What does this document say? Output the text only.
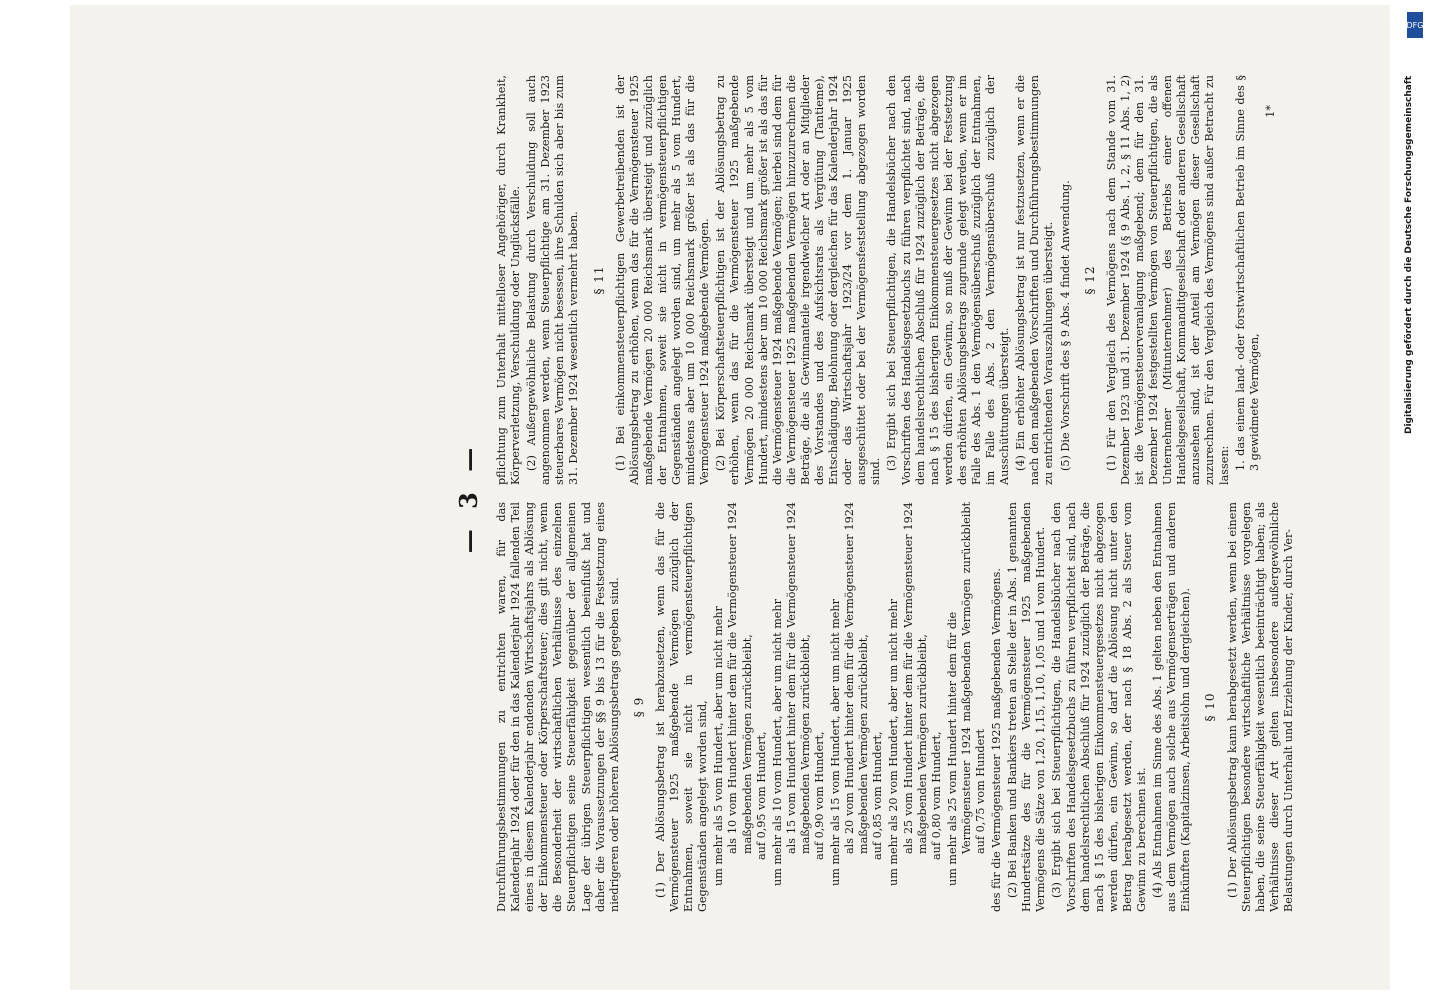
— 3 —

Durchführungsbestimmungen zu entrichten waren, für das Kalenderjahr 1924 oder für den in das Kalenderjahr 1924 fallenden Teil eines in diesem Kalenderjahr endenden Wirtschaftsjahrs als Ablösung der Einkommensteuer oder Körperschaftsteuer; dies gilt nicht, wenn die Besonderheit der wirtschaftlichen Verhältnisse des einzelnen Steuerpflichtigen seine Steuerfähigkeit gegenüber der allgemeinen Lage der übrigen Steuerpflichtigen wesentlich beeinflußt hat und daher die Voraussetzungen der §§ 9 bis 13 für die Festsetzung eines niedrigeren oder höheren Ablösungsbetrags gegeben sind. § 9 (1) Der Ablösungsbetrag ist herabzusetzen, wenn das für die Vermögensteuer 1925 maßgebende Vermögen zuzüglich der Entnahmen, soweit sie nicht in vermögensteuerpflichtigen Gegenständen angelegt worden sind, um mehr als 5 vom Hundert, aber um nicht mehr als 10 vom Hundert hinter dem für die Vermögensteuer 1924 maßgebenden Vermögen zurückbleibt, auf 0,95 vom Hundert, um mehr als 10 vom Hundert, aber um nicht mehr als 15 vom Hundert hinter dem für die Vermögensteuer 1924 maßgebenden Vermögen zurückbleibt, auf 0,90 vom Hundert, um mehr als 15 vom Hundert, aber um nicht mehr als 20 vom Hundert hinter dem für die Vermögensteuer 1924 maßgebenden Vermögen zurückbleibt, auf 0,85 vom Hundert, um mehr als 20 vom Hundert, aber um nicht mehr als 25 vom Hundert hinter dem für die Vermögensteuer 1924 maßgebenden Vermögen zurückbleibt, auf 0,80 vom Hundert, um mehr als 25 vom Hundert hinter dem für die Vermögensteuer 1924 maßgebenden Vermögen zurückbleibt auf 0,75 vom Hundert des für die Vermögensteuer 1925 maßgebenden Vermögens. (2) Bei Banken und Bankiers treten an Stelle der in Abs. 1 genannten Hundertsätze des für die Vermögensteuer 1925 maßgebenden Vermögens die Sätze von 1,20, 1,15, 1,10, 1,05 und 1 vom Hundert. (3) Ergibt sich bei Steuerpflichtigen, die Handelsbücher nach den Vorschriften des Handelsgesetzbuchs zu führen verpflichtet sind, nach dem handelsrechtlichen Abschluß für 1924 zuzüglich der Beträge, die nach § 15 des bisherigen Einkommensteuergesetzes nicht abgezogen werden dürfen, ein Gewinn, so darf die Ablösung nicht unter den Betrag herabgesetzt werden, der nach § 18 Abs. 2 als Steuer vom Gewinn zu berechnen ist. (4) Als Entnahmen im Sinne des Abs. 1 gelten neben den Entnahmen aus dem Vermögen auch solche aus Vermögenserträgen und anderen Einkünften (Kapitalzinsen, Arbeitslohn und dergleichen). § 10 (1) Der Ablösungsbetrag kann herabgesetzt werden, wenn bei einem Steuerpflichtigen besondere wirtschaftliche Verhältnisse vorgelegen haben, die seine Steuerfähigkeit wesentlich beeinträchtigt haben; als Verhältnisse dieser Art gelten insbesondere außergewöhnliche Belastungen durch Unterhalt und Erziehung der Kinder, durch Ver-

pflichtung zum Unterhalt mittelloser Angehöriger, durch Krankheit, Körperverletzung, Verschuldung oder Unglücksfälle. (2) Außergewöhnliche Belastung durch Verschuldung soll auch angenommen werden, wenn Steuerpflichtige am 31. Dezember 1923 steuerbares Vermögen nicht besessen, ihre Schulden sich aber bis zum 31. Dezember 1924 wesentlich vermehrt haben. § 11 (1) Bei einkommensteuerpflichtigen Gewerbetreibenden ist der Ablösungsbetrag zu erhöhen, wenn das für die Vermögensteuer 1925 maßgebende Vermögen 20 000 Reichsmark übersteigt und zuzüglich der Entnahmen, soweit sie nicht in vermögensteuerpflichtigen Gegenständen angelegt worden sind, um mehr als 5 vom Hundert, mindestens aber um 10 000 Reichsmark größer ist als das für die Vermögensteuer 1924 maßgebende Vermögen. (2) Bei Körperschaftsteuerpflichtigen ist der Ablösungsbetrag zu erhöhen, wenn das für die Vermögensteuer 1925 maßgebende Vermögen 20 000 Reichsmark übersteigt und um mehr als 5 vom Hundert, mindestens aber um 10 000 Reichsmark größer ist als das für die Vermögensteuer 1924 maßgebende Vermögen; hierbei sind dem für die Vermögensteuer 1925 maßgebenden Vermögen hinzuzurechnen die Beträge, die als Gewinnanteile irgendwelcher Art oder an Mitglieder des Vorstandes und des Aufsichtsrats als Vergütung (Tantieme), Entschädigung, Belohnung oder dergleichen für das Kalenderjahr 1924 oder das Wirtschaftsjahr 1923/24 vor dem 1. Januar 1925 ausgeschüttet oder bei der Vermögensfeststellung abgezogen worden sind.

(3) Ergibt sich bei Steuerpflichtigen, die Handelsbücher nach den Vorschriften des Handelsgesetzbuchs zu führen verpflichtet sind, nach dem handelsrechtlichen Abschluß für 1924 zuzüglich der Beträge, die nach § 15 des bisherigen Einkommensteuergesetzes nicht abgezogen werden dürfen, ein Gewinn, so muß der Gewinn bei der Festsetzung des erhöhten Ablösungsbetrags zugrunde gelegt werden, wenn er im Falle des Abs. 1 den Vermögensüberschuß zuzüglich der Entnahmen, im Falle des Abs. 2 den Vermögensüberschuß zuzüglich der Ausschüttungen übersteigt. (4) Ein erhöhter Ablösungsbetrag ist nur festzusetzen, wenn er die nach den maßgebenden Vorschriften und Durchführungsbestimmungen zu entrichtenden Vorauszahlungen übersteigt. (5) Die Vorschrift des § 9 Abs. 4 findet Anwendung. § 12 (1) Für den Vergleich des Vermögens nach dem Stande vom 31. Dezember 1923 und 31. Dezember 1924 (§ 9 Abs. 1, 2, § 11 Abs. 1, 2) ist die Vermögensteuerveranlagung maßgebend; dem für den 31. Dezember 1924 festgestellten Vermögen von Steuerpflichtigen, die als Unternehmer (Mitunternehmer) des Betriebs einer offenen Handelsgesellschaft, Kommanditgesellschaft oder anderen Gesellschaft anzusehen sind, ist der Anteil am Vermögen dieser Gesellschaft zuzurechnen. Für den Vergleich des Vermögens sind außer Betracht zu lassen: 1. das einem land- oder forstwirtschaftlichen Betrieb im Sinne des § 3 gewidmete Vermögen,

1*
DFG
Digitalisierung gefördert durch die Deutsche Forschungsgemeinschaft
